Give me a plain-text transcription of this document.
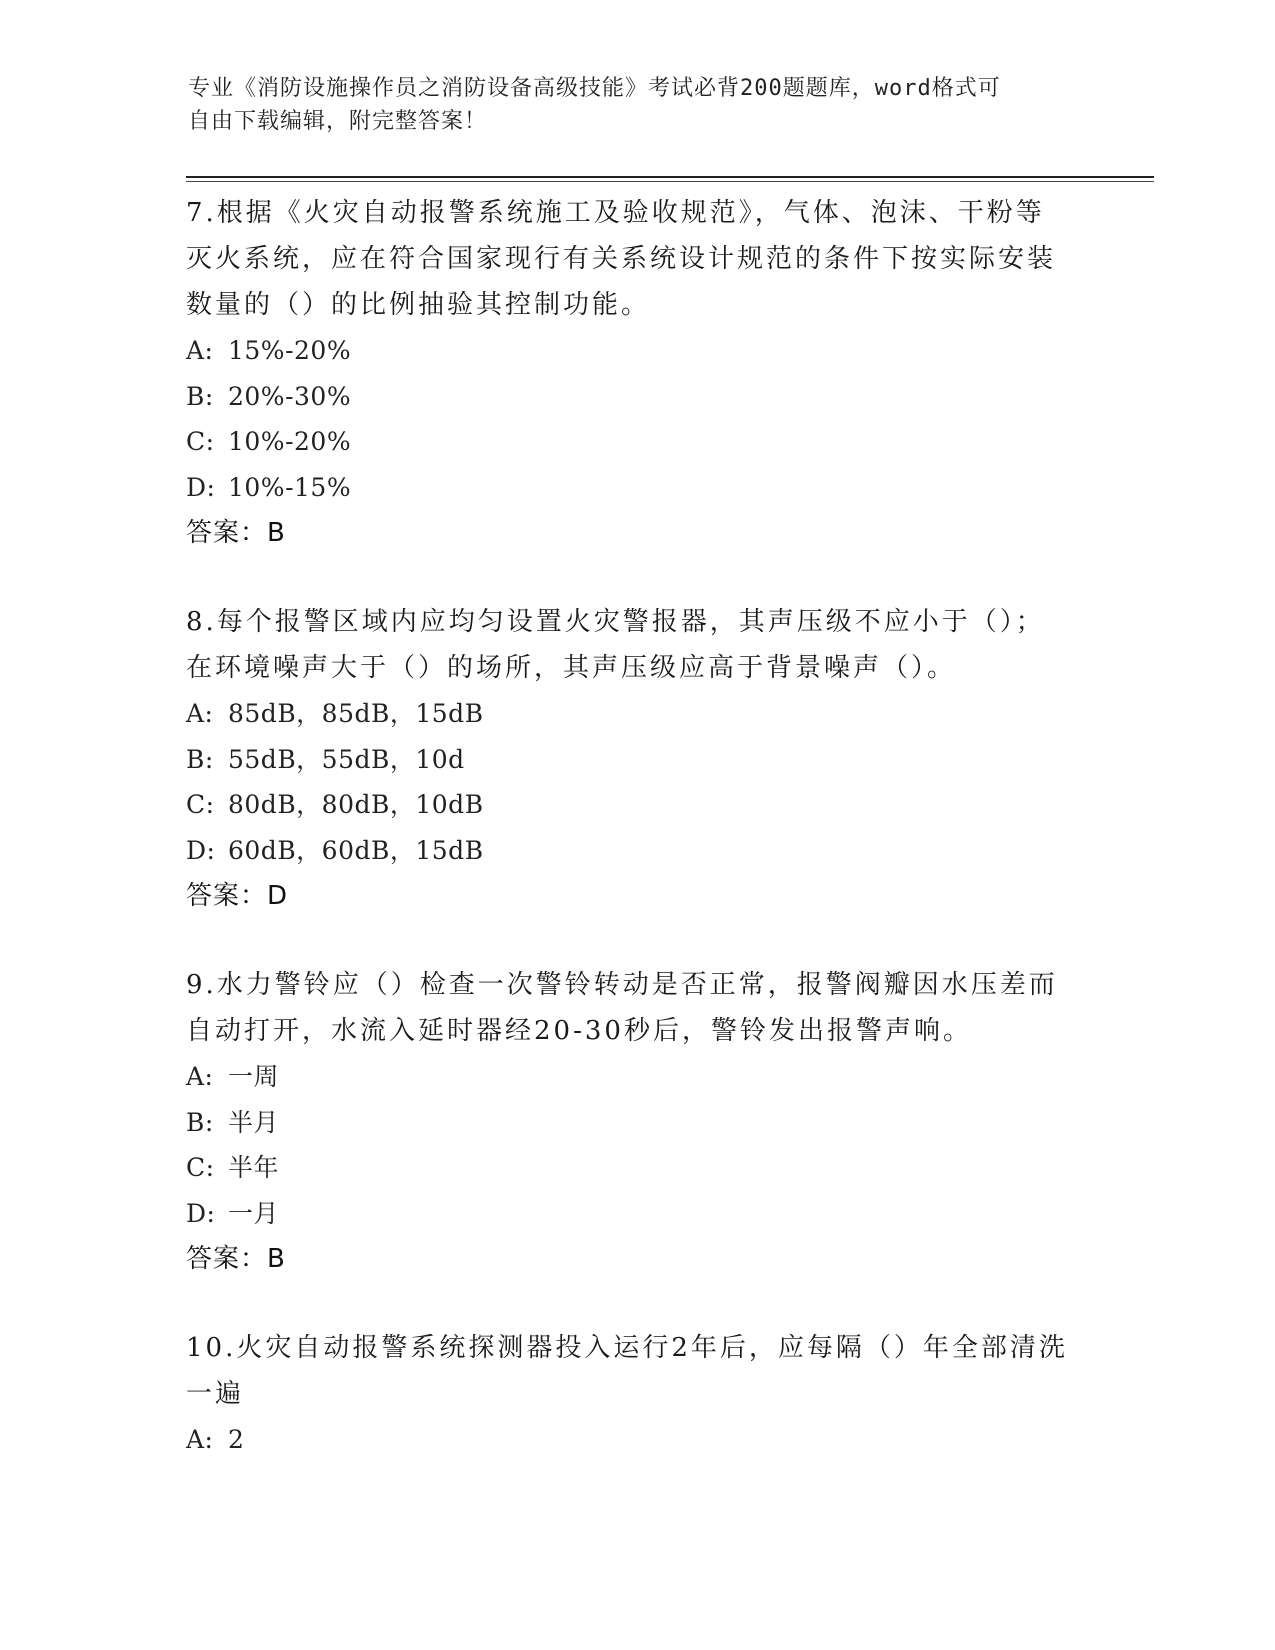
专业《消防设施操作员之消防设备高级技能》考试必背200题题库，word格式可
自由下载编辑，附完整答案！
7.根据《火灾自动报警系统施工及验收规范》，气体、泡沫、干粉等
灭火系统，应在符合国家现行有关系统设计规范的条件下按实际安装
数量的（）的比例抽验其控制功能。
A: 15%-20%
B: 20%-30%
C: 10%-20%
D: 10%-15%
答案：B
8.每个报警区域内应均匀设置火灾警报器，其声压级不应小于（）；
在环境噪声大于（）的场所，其声压级应高于背景噪声（）。
A: 85dB，85dB，15dB
B: 55dB，55dB，10d
C: 80dB，80dB，10dB
D: 60dB，60dB，15dB
答案：D
9.水力警铃应（）检查一次警铃转动是否正常，报警阀瓣因水压差而
自动打开，水流入延时器经20-30秒后，警铃发出报警声响。
A: 一周
B: 半月
C: 半年
D: 一月
答案：B
10.火灾自动报警系统探测器投入运行2年后，应每隔（）年全部清洗
一遍
A: 2
